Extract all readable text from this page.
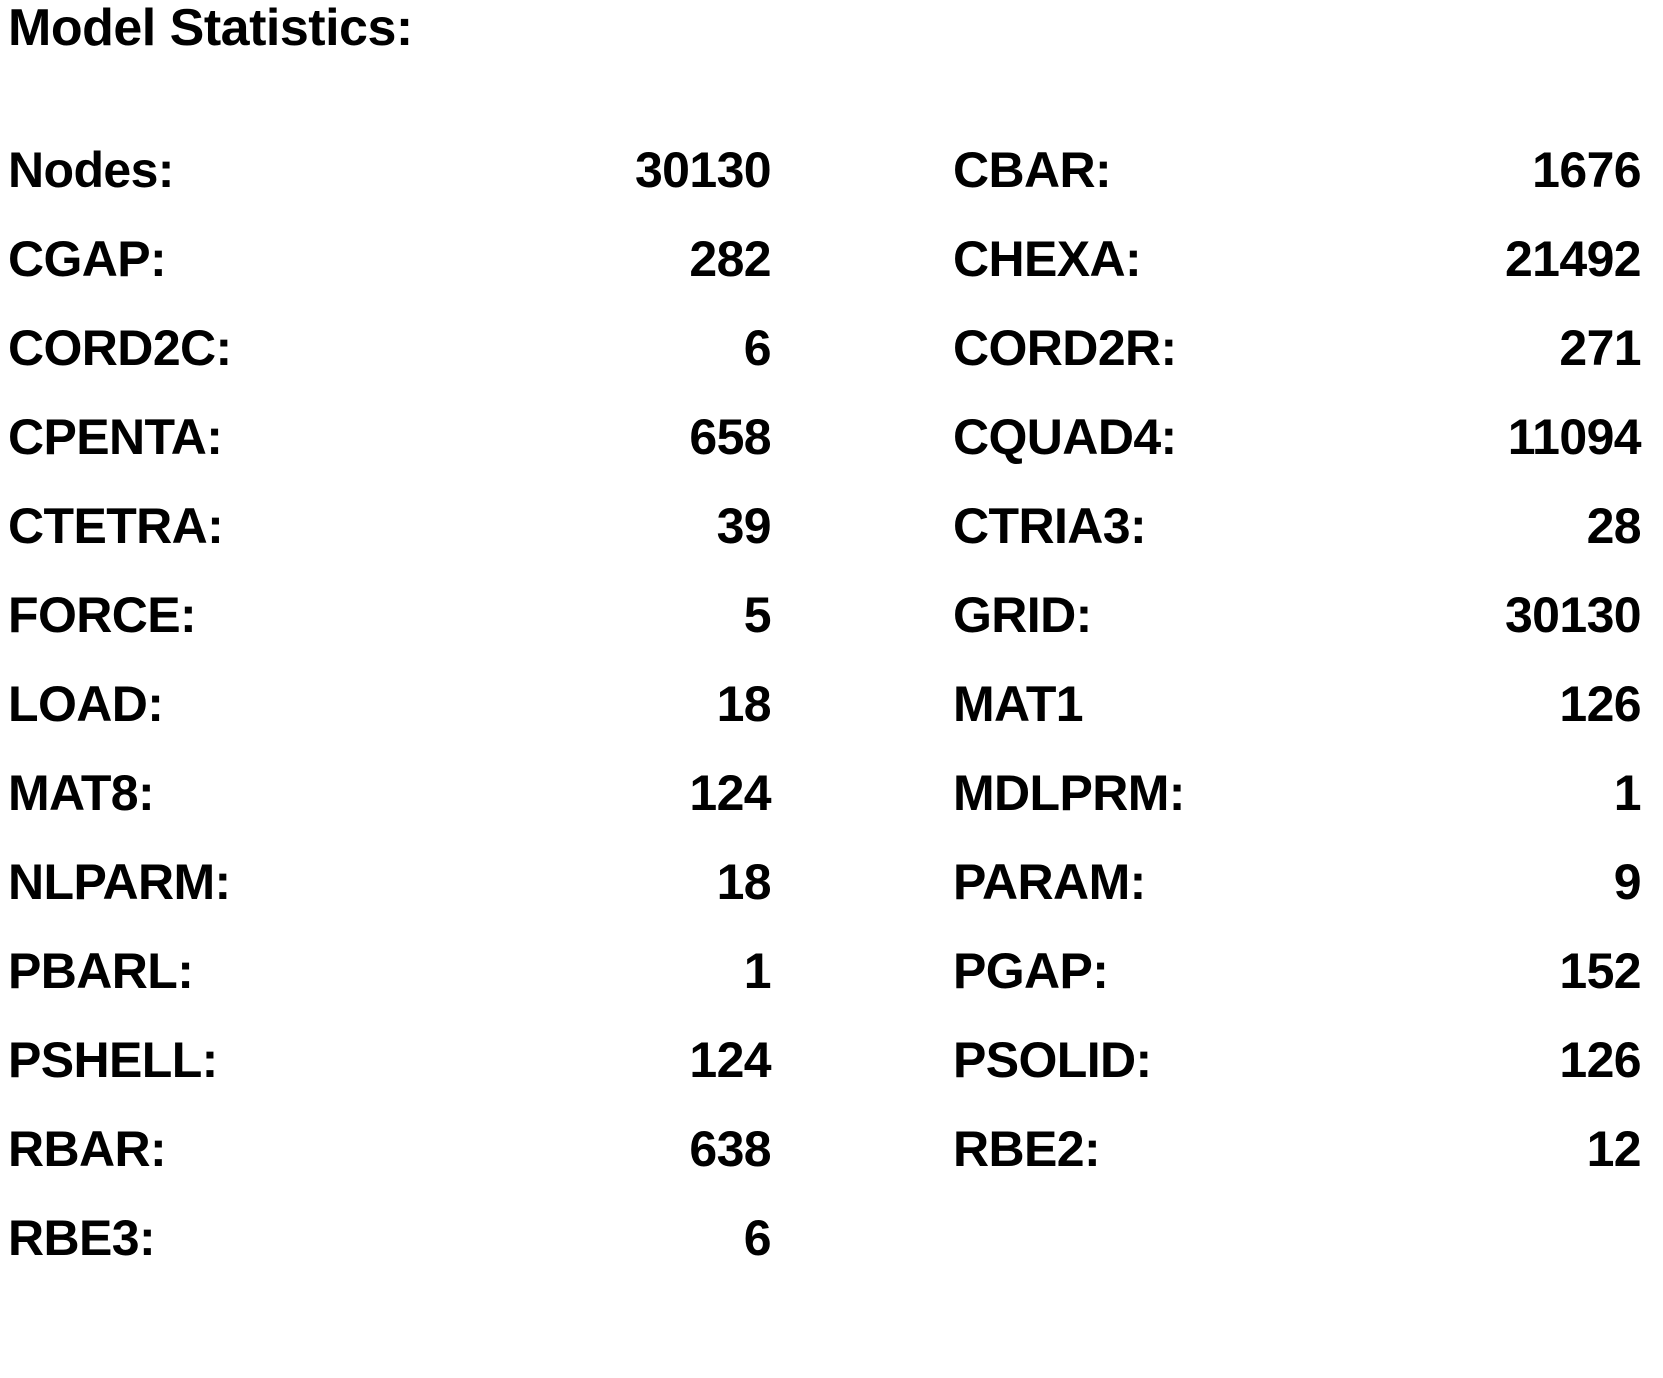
Model Statistics:
Nodes:	30130	CBAR:	1676
CGAP:	282	CHEXA:	21492
CORD2C:	6	CORD2R:	271
CPENTA:	658	CQUAD4:	11094
CTETRA:	39	CTRIA3:	28
FORCE:	5	GRID:	30130
LOAD:	18	MAT1	126
MAT8:	124	MDLPRM:	1
NLPARM:	18	PARAM:	9
PBARL:	1	PGAP:	152
PSHELL:	124	PSOLID:	126
RBAR:	638	RBE2:	12
RBE3:	6
